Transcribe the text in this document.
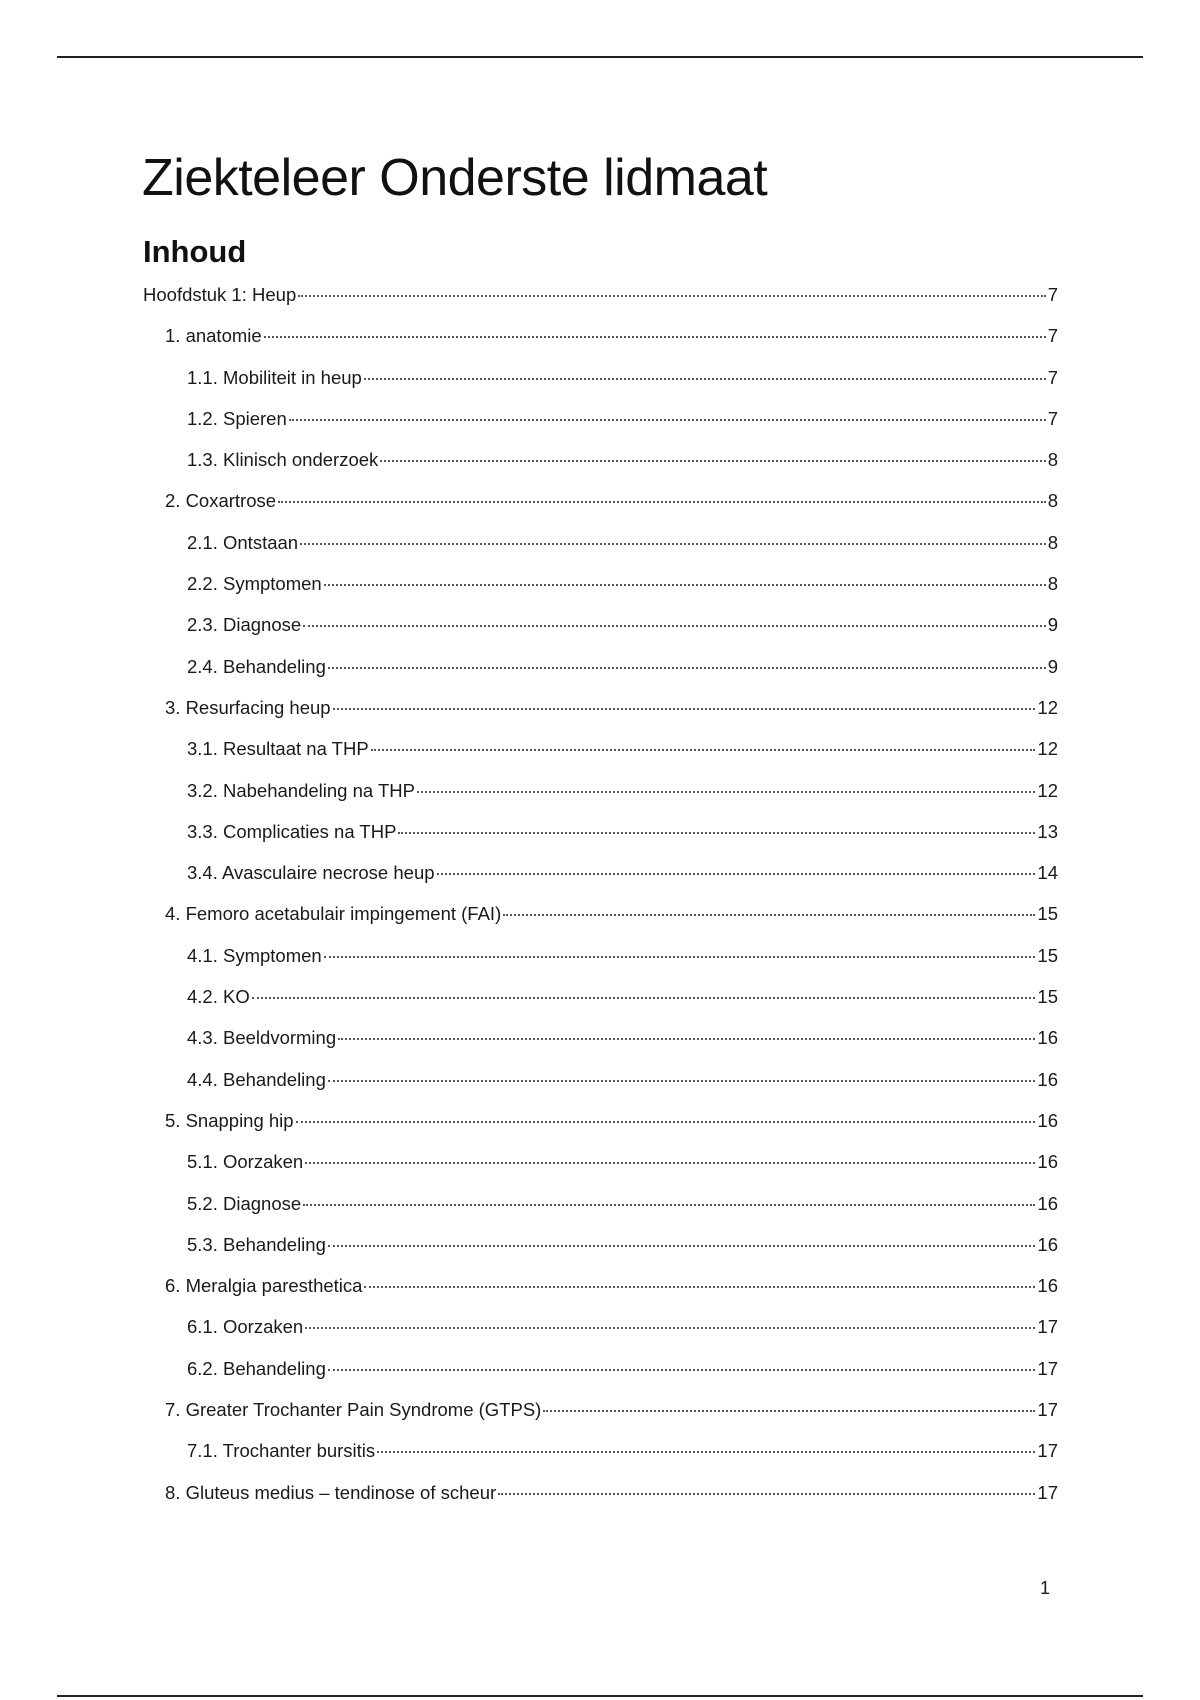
Ziekteleer Onderste lidmaat
Inhoud
Hoofdstuk 1: Heup	7
1. anatomie	7
1.1. Mobiliteit in heup	7
1.2. Spieren	7
1.3. Klinisch onderzoek	8
2. Coxartrose	8
2.1. Ontstaan	8
2.2. Symptomen	8
2.3. Diagnose	9
2.4. Behandeling	9
3. Resurfacing heup	12
3.1. Resultaat na THP	12
3.2. Nabehandeling na THP	12
3.3. Complicaties na THP	13
3.4. Avasculaire necrose heup	14
4. Femoro acetabulair impingement (FAI)	15
4.1. Symptomen	15
4.2. KO	15
4.3. Beeldvorming	16
4.4. Behandeling	16
5. Snapping hip	16
5.1. Oorzaken	16
5.2. Diagnose	16
5.3. Behandeling	16
6. Meralgia paresthetica	16
6.1. Oorzaken	17
6.2. Behandeling	17
7. Greater Trochanter Pain Syndrome (GTPS)	17
7.1. Trochanter bursitis	17
8. Gluteus medius – tendinose of scheur	17
1
